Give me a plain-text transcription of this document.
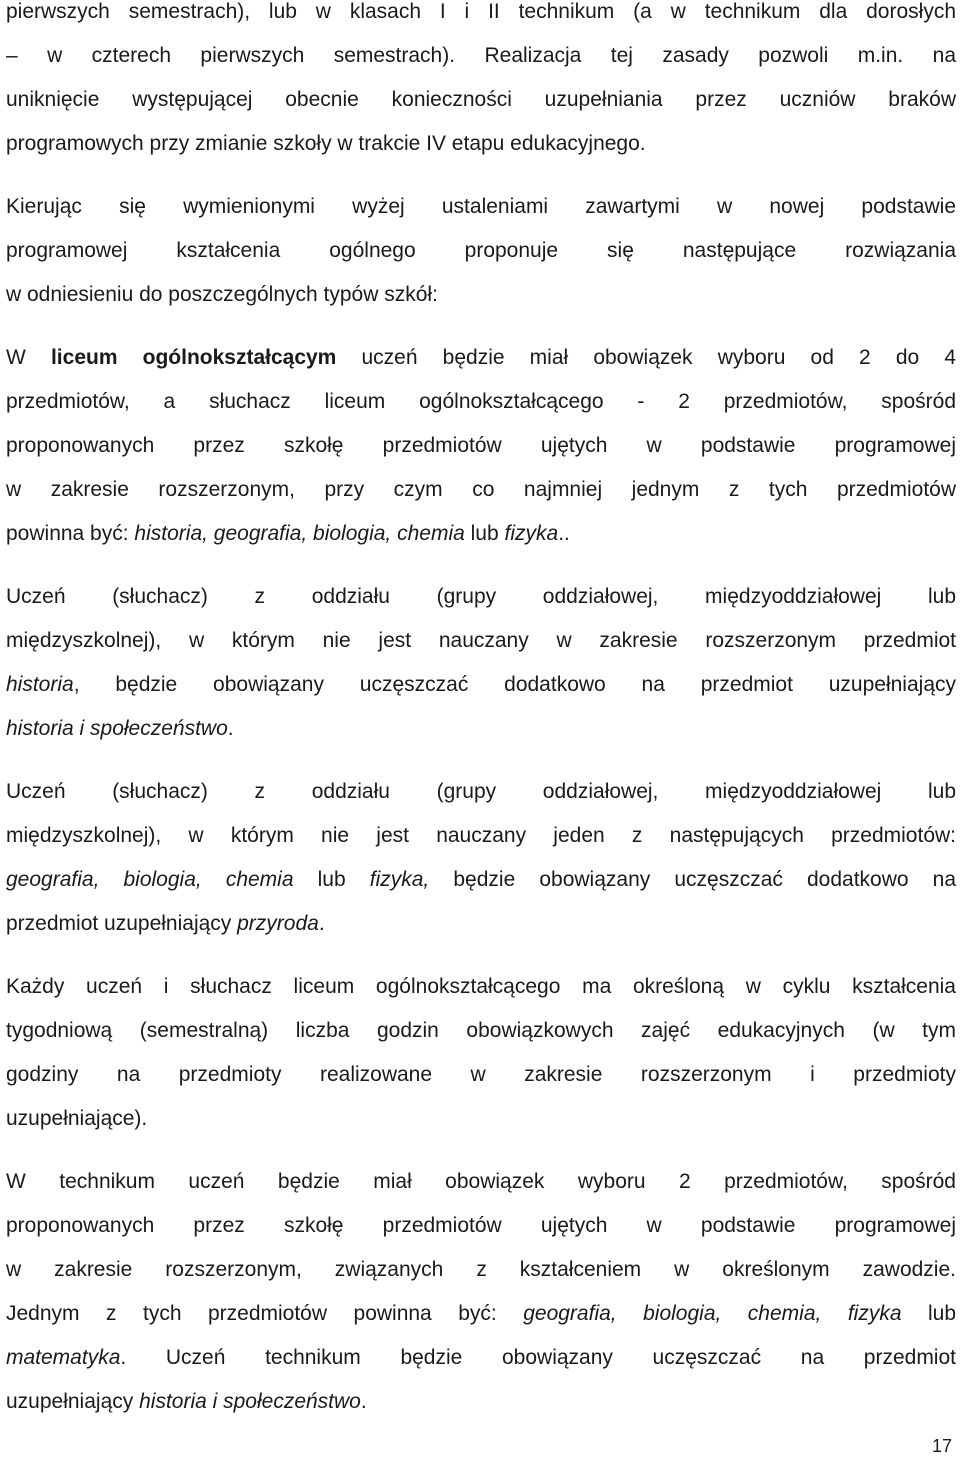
pierwszych semestrach), lub w klasach I i II technikum (a w technikum dla dorosłych
– w czterech pierwszych semestrach). Realizacja tej zasady pozwoli m.in. na
uniknięcie występującej obecnie konieczności uzupełniania przez uczniów braków
programowych przy zmianie szkoły w trakcie IV etapu edukacyjnego.
Kierując się wymienionymi wyżej ustaleniami zawartymi w nowej podstawie
programowej kształcenia ogólnego proponuje się następujące rozwiązania
w odniesieniu do poszczególnych typów szkół:
W liceum ogólnokształcącym uczeń będzie miał obowiązek wyboru od 2 do 4
przedmiotów, a słuchacz liceum ogólnokształcącego - 2 przedmiotów, spośród
proponowanych przez szkołę przedmiotów ujętych w podstawie programowej
w zakresie rozszerzonym, przy czym co najmniej jednym z tych przedmiotów
powinna być: historia, geografia, biologia, chemia lub fizyka..
Uczeń (słuchacz) z oddziału (grupy oddziałowej, międzyoddziałowej lub
międzyszkolnej), w którym nie jest nauczany w zakresie rozszerzonym przedmiot
historia, będzie obowiązany uczęszczać dodatkowo na przedmiot uzupełniający
historia i społeczeństwo.
Uczeń (słuchacz) z oddziału (grupy oddziałowej, międzyoddziałowej lub
międzyszkolnej), w którym nie jest nauczany jeden z następujących przedmiotów:
geografia, biologia, chemia lub fizyka, będzie obowiązany uczęszczać dodatkowo na
przedmiot uzupełniający przyroda.
Każdy uczeń i słuchacz liceum ogólnokształcącego ma określoną w cyklu kształcenia
tygodniową (semestralną) liczba godzin obowiązkowych zajęć edukacyjnych (w tym
godziny na przedmioty realizowane w zakresie rozszerzonym i przedmioty
uzupełniające).
W technikum uczeń będzie miał obowiązek wyboru 2 przedmiotów, spośród
proponowanych przez szkołę przedmiotów ujętych w podstawie programowej
w zakresie rozszerzonym, związanych z kształceniem w określonym zawodzie.
Jednym z tych przedmiotów powinna być: geografia, biologia, chemia, fizyka lub
matematyka. Uczeń technikum będzie obowiązany uczęszczać na przedmiot
uzupełniający historia i społeczeństwo.
17
